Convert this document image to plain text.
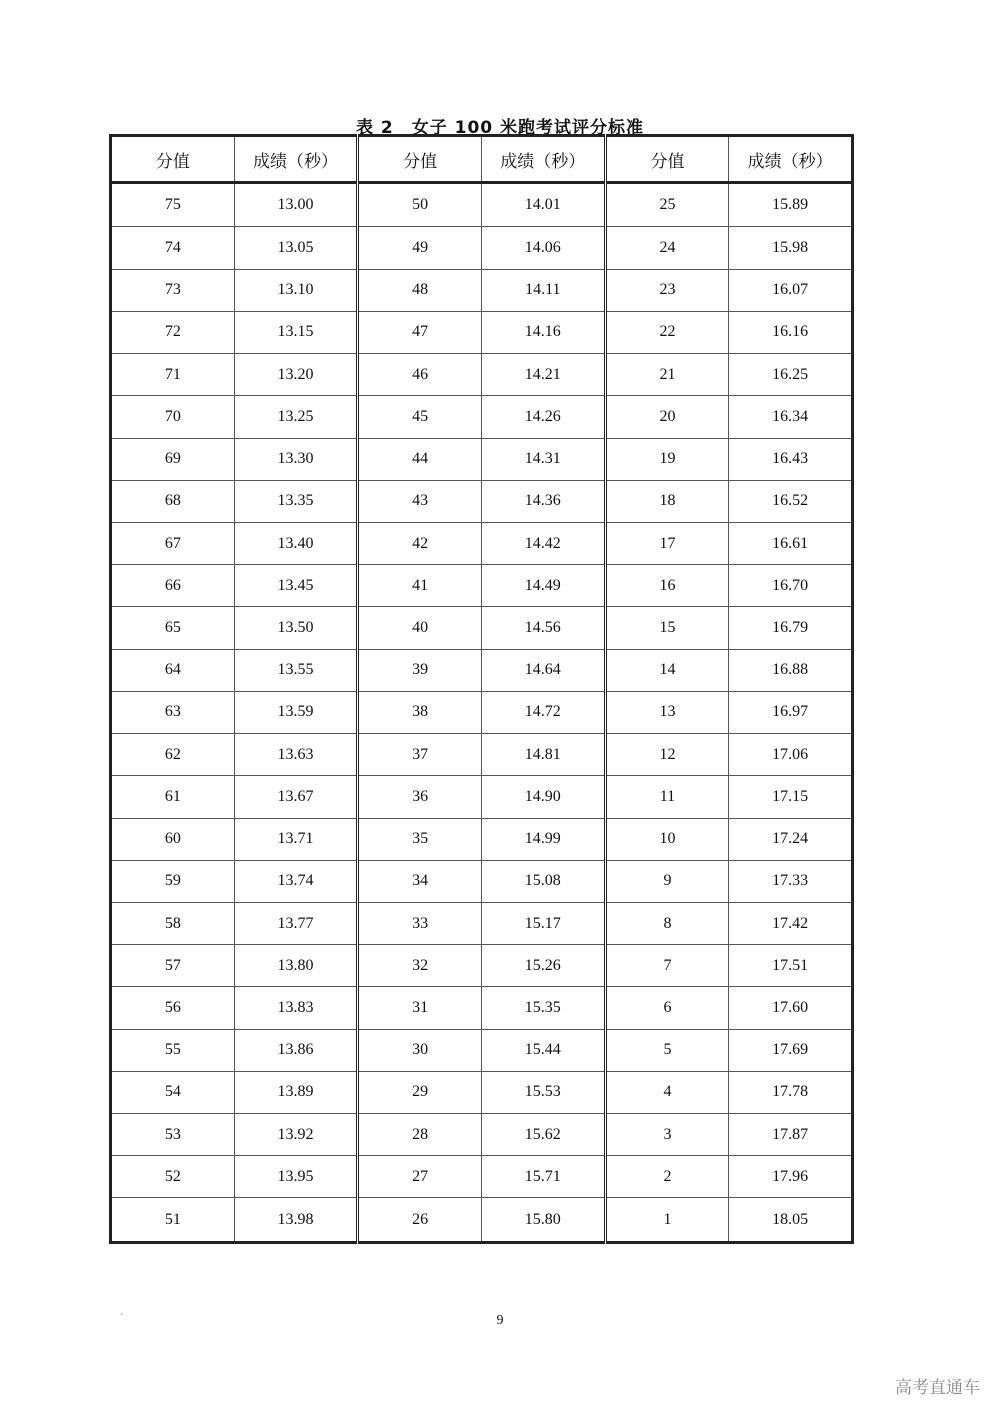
表 2　女子 100 米跑考试评分标准
分值	成绩（秒）	分值	成绩（秒）	分值	成绩（秒）
75	13.00	50	14.01	25	15.89
74	13.05	49	14.06	24	15.98
73	13.10	48	14.11	23	16.07
72	13.15	47	14.16	22	16.16
71	13.20	46	14.21	21	16.25
70	13.25	45	14.26	20	16.34
69	13.30	44	14.31	19	16.43
68	13.35	43	14.36	18	16.52
67	13.40	42	14.42	17	16.61
66	13.45	41	14.49	16	16.70
65	13.50	40	14.56	15	16.79
64	13.55	39	14.64	14	16.88
63	13.59	38	14.72	13	16.97
62	13.63	37	14.81	12	17.06
61	13.67	36	14.90	11	17.15
60	13.71	35	14.99	10	17.24
59	13.74	34	15.08	9	17.33
58	13.77	33	15.17	8	17.42
57	13.80	32	15.26	7	17.51
56	13.83	31	15.35	6	17.60
55	13.86	30	15.44	5	17.69
54	13.89	29	15.53	4	17.78
53	13.92	28	15.62	3	17.87
52	13.95	27	15.71	2	17.96
51	13.98	26	15.80	1	18.05
`	9
高考直通车
